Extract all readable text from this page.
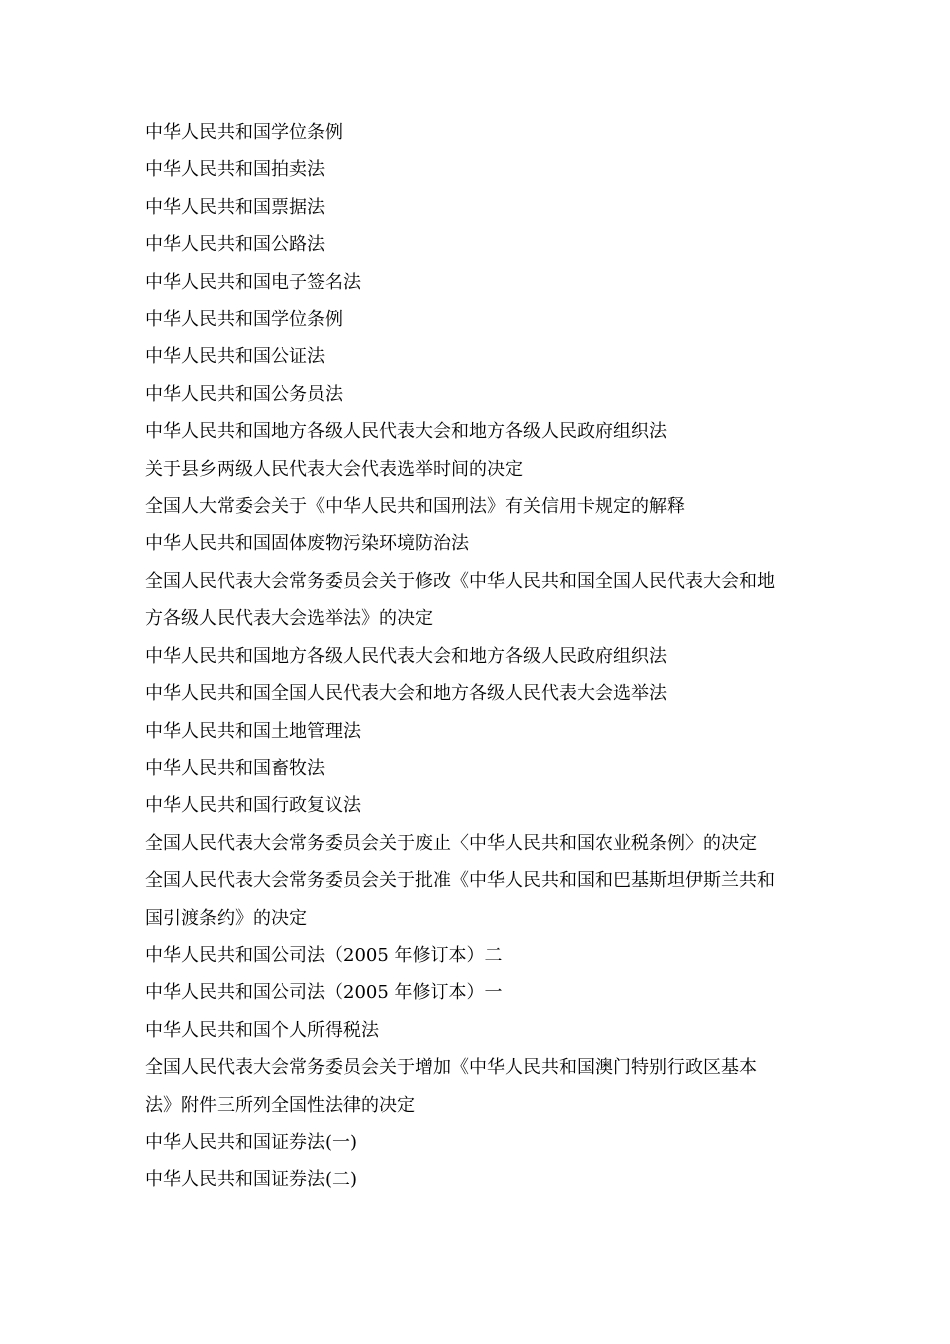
中华人民共和国学位条例
中华人民共和国拍卖法
中华人民共和国票据法
中华人民共和国公路法
中华人民共和国电子签名法
中华人民共和国学位条例
中华人民共和国公证法
中华人民共和国公务员法
中华人民共和国地方各级人民代表大会和地方各级人民政府组织法
关于县乡两级人民代表大会代表选举时间的决定
全国人大常委会关于《中华人民共和国刑法》有关信用卡规定的解释
中华人民共和国固体废物污染环境防治法
全国人民代表大会常务委员会关于修改《中华人民共和国全国人民代表大会和地
方各级人民代表大会选举法》的决定
中华人民共和国地方各级人民代表大会和地方各级人民政府组织法
中华人民共和国全国人民代表大会和地方各级人民代表大会选举法
中华人民共和国土地管理法
中华人民共和国畜牧法
中华人民共和国行政复议法
全国人民代表大会常务委员会关于废止〈中华人民共和国农业税条例〉的决定
全国人民代表大会常务委员会关于批准《中华人民共和国和巴基斯坦伊斯兰共和
国引渡条约》的决定
中华人民共和国公司法（2005 年修订本）二
中华人民共和国公司法（2005 年修订本）一
中华人民共和国个人所得税法
全国人民代表大会常务委员会关于增加《中华人民共和国澳门特别行政区基本
法》附件三所列全国性法律的决定
中华人民共和国证券法(一)
中华人民共和国证券法(二)
